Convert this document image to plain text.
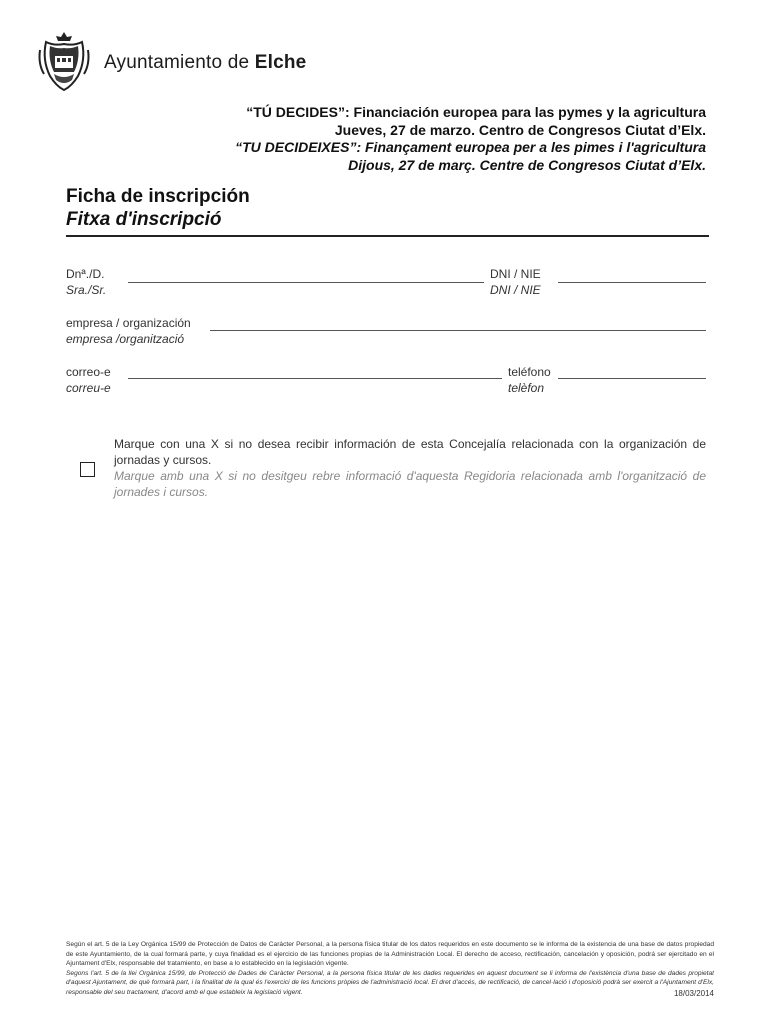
Ayuntamiento de Elche
“TÚ DECIDES”: Financiación europea para las pymes y la agricultura
Jueves, 27 de marzo. Centro de Congresos Ciutat d’Elx.
“TU DECIDEIXES”: Finançament europea per a les pimes i l'agricultura
Dijous, 27 de març. Centre de Congresos Ciutat d’Elx.
Ficha de inscripción
Fitxa d'inscripció
Dnª./D.
Sra./Sr.
DNI / NIE
DNI / NIE
empresa / organización
empresa /organització
correo-e
correu-e
teléfono
telèfon
Marque con una X si no desea recibir información de esta Concejalía relacionada con la organización de jornadas y cursos.
Marque amb una X si no desitgeu rebre informació d'aquesta Regidoria relacionada amb l'organització de jornades i cursos.
Según el art. 5 de la Ley Orgánica 15/99 de Protección de Datos de Carácter Personal, a la persona física titular de los datos requeridos en este documento se le informa de la existencia de una base de datos propiedad de este Ayuntamiento, de la cual formará parte, y cuya finalidad es el ejercicio de las funciones propias de la Administración Local. El derecho de acceso, rectificación, cancelación y oposición, podrá ser ejercitado en el Ajuntament d'Elx, responsable del tratamiento, en base a lo establecido en la legislación vigente.
Segons l'art. 5 de la llei Orgànica 15/99, de Protecció de Dades de Caràcter Personal, a la persona física titular de les dades requerides en aquest document se li informa de l'existència d'una base de dades propietat d'aquest Ajuntament, de què formarà part, i la finalitat de la qual és l'exercici de les funcions pròpies de l'administració local. El dret d'accés, de rectificació, de cancel·lació i d'oposició podrà ser exercit a l'Ajuntament d'Elx, responsable del seu tractament, d'acord amb el que estableix la legislació vigent.	18/03/2014
